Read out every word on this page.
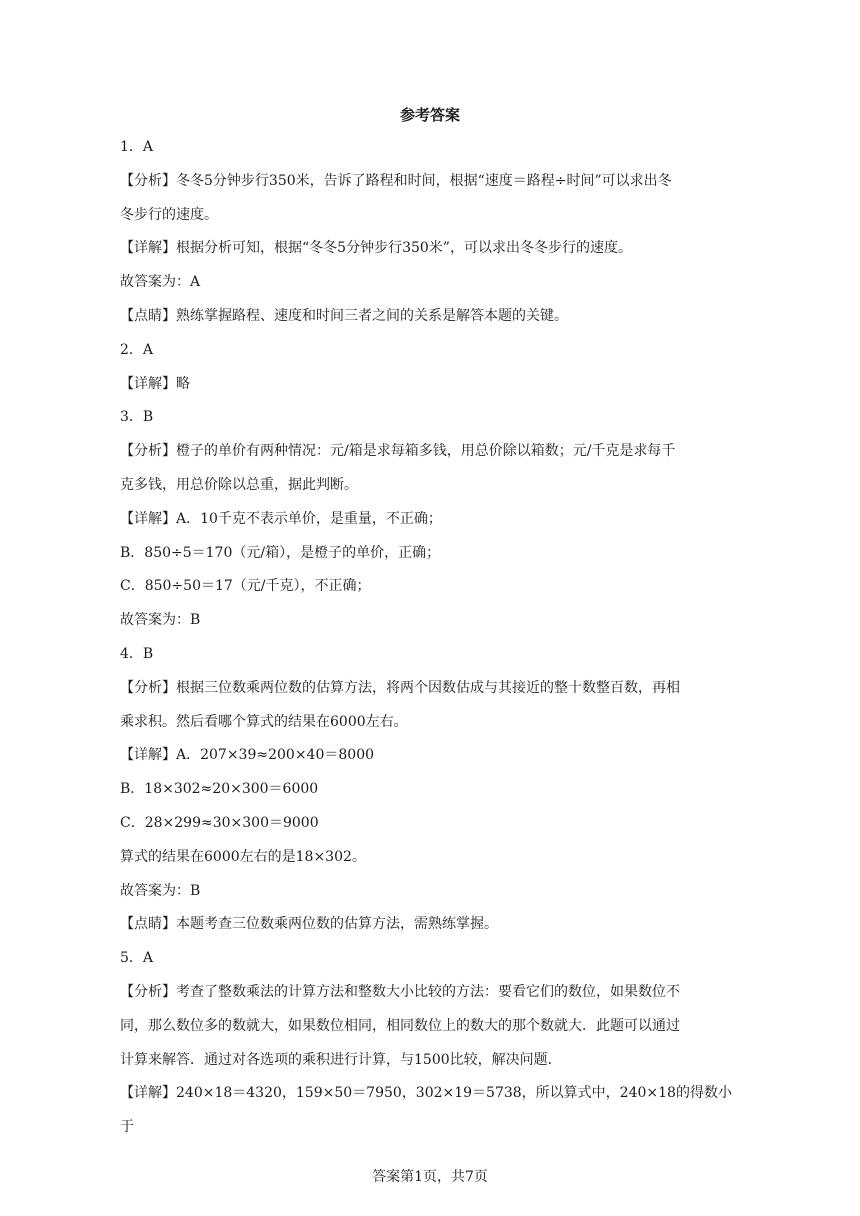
参考答案

1．A

【分析】冬冬5分钟步行350米，告诉了路程和时间，根据“速度＝路程÷时间”可以求出冬

冬步行的速度。

【详解】根据分析可知，根据“冬冬5分钟步行350米”，可以求出冬冬步行的速度。

故答案为：A

【点睛】熟练掌握路程、速度和时间三者之间的关系是解答本题的关键。

2．A

【详解】略

3．B

【分析】橙子的单价有两种情况：元/箱是求每箱多钱，用总价除以箱数；元/千克是求每千

克多钱，用总价除以总重，据此判断。

【详解】A．10千克不表示单价，是重量，不正确；

B．850÷5＝170（元/箱），是橙子的单价，正确；

C．850÷50＝17（元/千克），不正确；

故答案为：B

4．B

【分析】根据三位数乘两位数的估算方法，将两个因数估成与其接近的整十数整百数，再相

乘求积。然后看哪个算式的结果在6000左右。

【详解】A．207×39≈200×40＝8000

B．18×302≈20×300＝6000

C．28×299≈30×300＝9000

算式的结果在6000左右的是18×302。

故答案为：B

【点睛】本题考查三位数乘两位数的估算方法，需熟练掌握。

5．A

【分析】考查了整数乘法的计算方法和整数大小比较的方法：要看它们的数位，如果数位不

同，那么数位多的数就大，如果数位相同，相同数位上的数大的那个数就大．此题可以通过

计算来解答．通过对各选项的乘积进行计算，与1500比较，解决问题．

【详解】240×18＝4320，159×50＝7950，302×19＝5738，所以算式中，240×18的得数小于

答案第1页，共7页
